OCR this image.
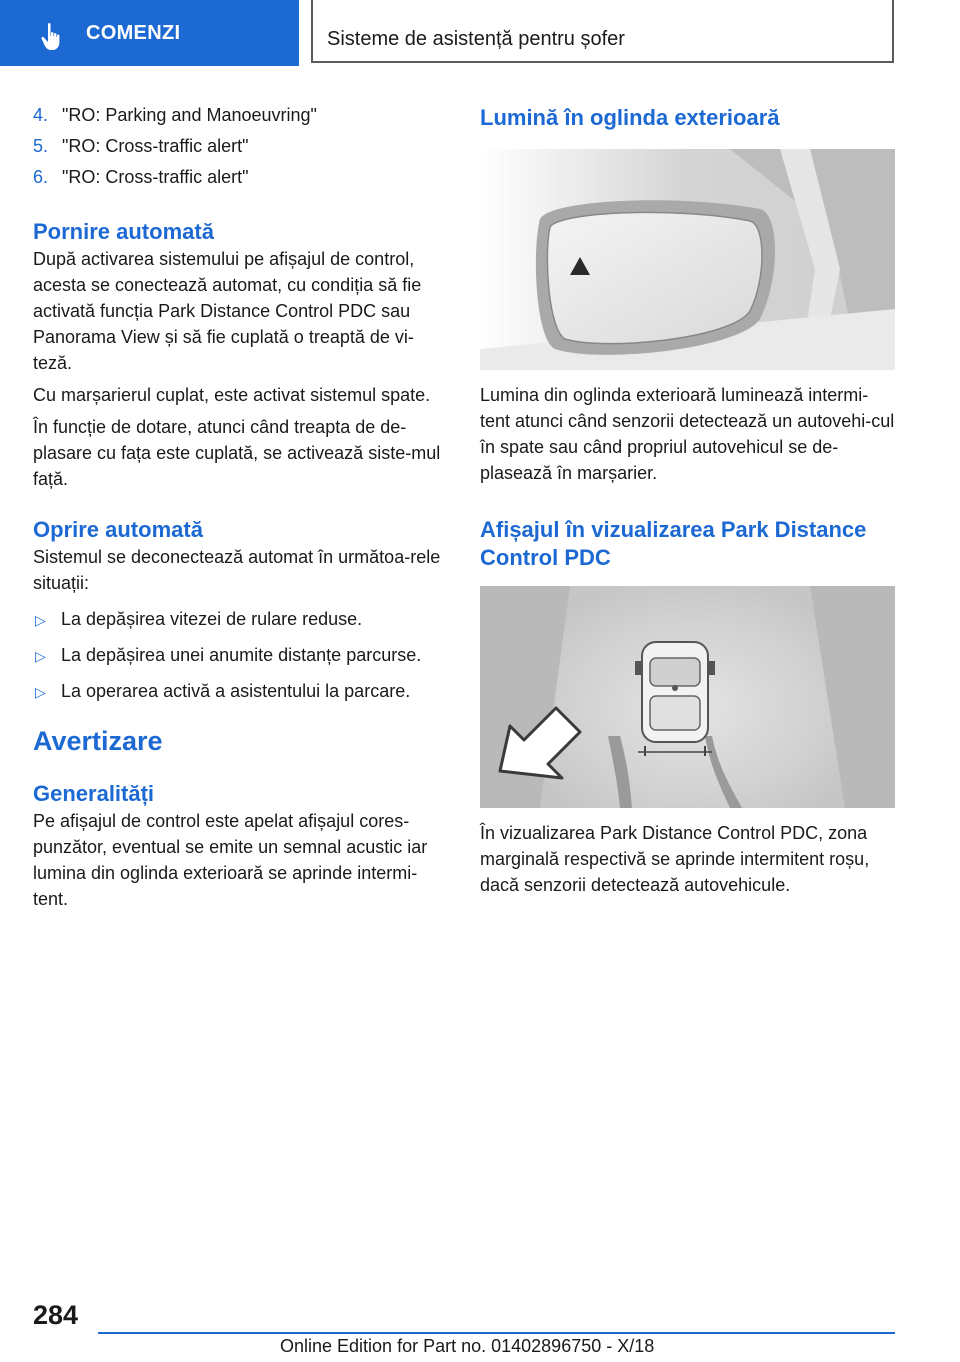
COMENZI	Sisteme de asistență pentru șofer
4. "RO: Parking and Manoeuvring"
5. "RO: Cross-traffic alert"
6. "RO: Cross-traffic alert"
Pornire automată

După activarea sistemului pe afișajul de control, acesta se conectează automat, cu condiția să fie activată funcția Park Distance Control PDC sau Panorama View și să fie cuplată o treaptă de vi-teză.

Cu marșarierul cuplat, este activat sistemul spate.

În funcție de dotare, atunci când treapta de de-plasare cu fața este cuplată, se activează siste-mul față.

Oprire automată

Sistemul se deconectează automat în următoa-rele situații:

▷ La depășirea vitezei de rulare reduse.
▷ La depășirea unei anumite distanțe parcurse.
▷ La operarea activă a asistentului la parcare.
Avertizare
Generalități

Pe afișajul de control este apelat afișajul cores-punzător, eventual se emite un semnal acustic iar lumina din oglinda exterioară se aprinde intermi-tent.

Lumină în oglinda exterioară

Lumina din oglinda exterioară luminează intermi-tent atunci când senzorii detectează un autovehi-cul în spate sau când propriul autovehicul se de-plasează în marșarier.

Afișajul în vizualizarea Park Distance Control PDC

În vizualizarea Park Distance Control PDC, zona marginală respectivă se aprinde intermitent roșu, dacă senzorii detectează autovehicule.

284
Online Edition for Part no. 01402896750 - X/18
